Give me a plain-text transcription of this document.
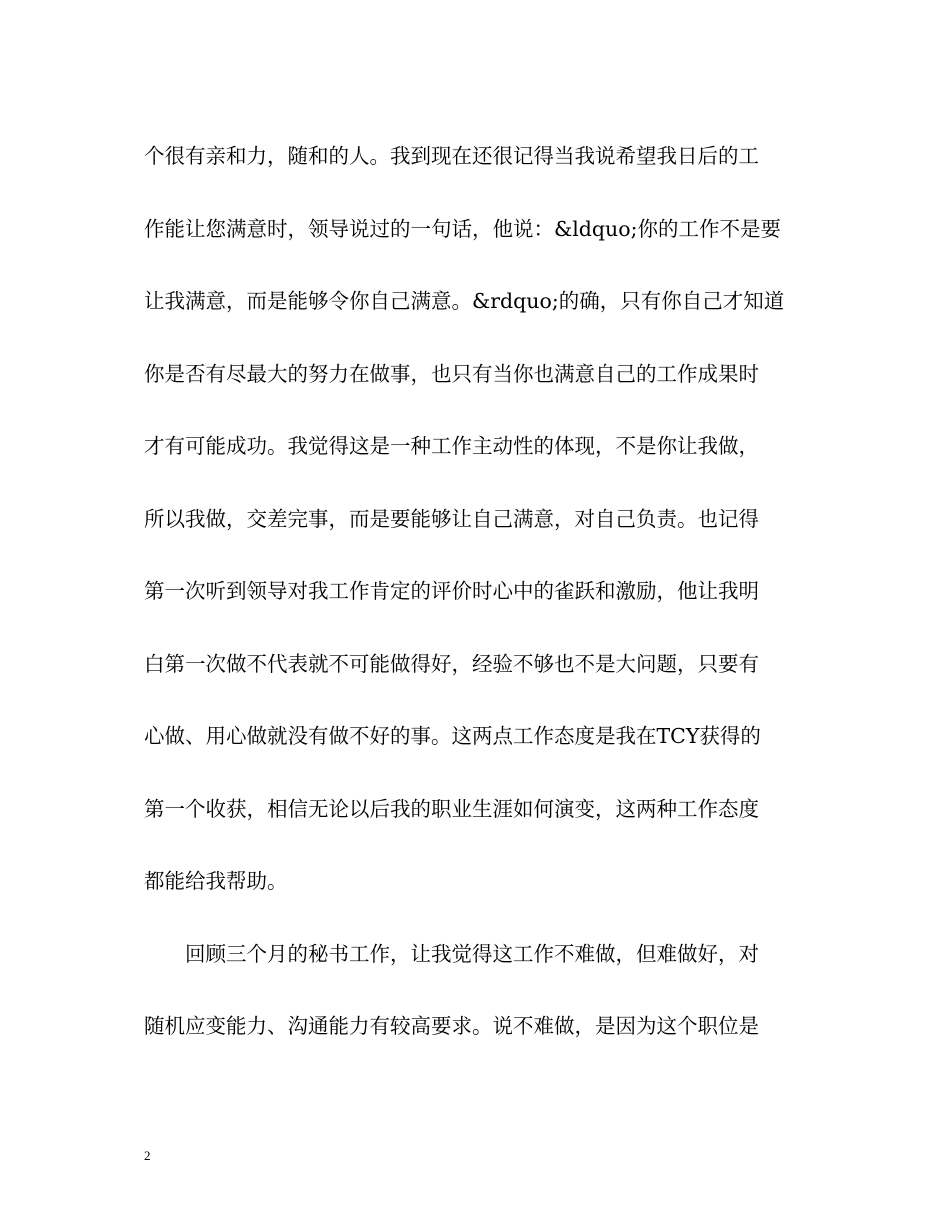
个很有亲和力，随和的人。我到现在还很记得当我说希望我日后的工
作能让您满意时，领导说过的一句话，他说：&ldquo;你的工作不是要
让我满意，而是能够令你自己满意。&rdquo;的确，只有你自己才知道
你是否有尽最大的努力在做事，也只有当你也满意自己的工作成果时
才有可能成功。我觉得这是一种工作主动性的体现，不是你让我做，
所以我做，交差完事，而是要能够让自己满意，对自己负责。也记得
第一次听到领导对我工作肯定的评价时心中的雀跃和激励，他让我明
白第一次做不代表就不可能做得好，经验不够也不是大问题，只要有
心做、用心做就没有做不好的事。这两点工作态度是我在TCY获得的
第一个收获，相信无论以后我的职业生涯如何演变，这两种工作态度
都能给我帮助。
回顾三个月的秘书工作，让我觉得这工作不难做，但难做好，对
随机应变能力、沟通能力有较高要求。说不难做，是因为这个职位是
2
